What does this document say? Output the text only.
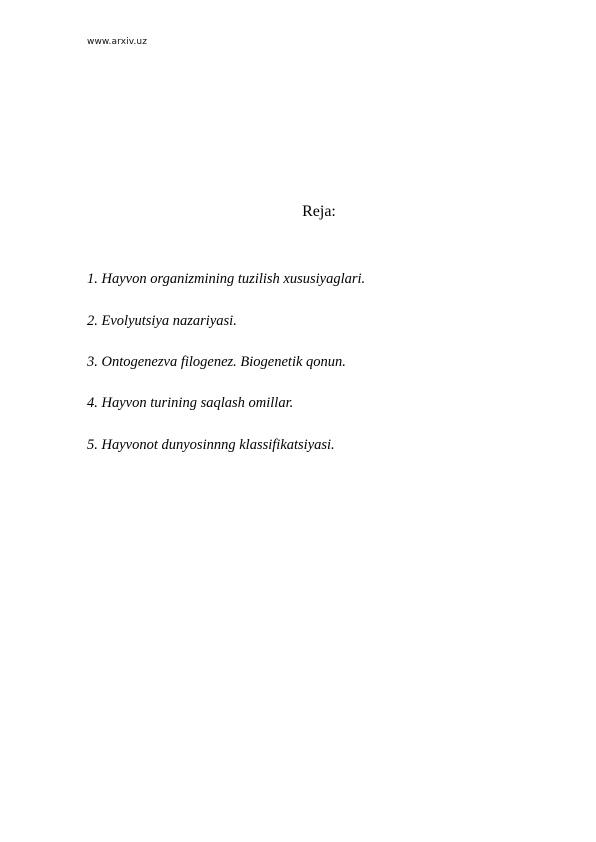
www.arxiv.uz
Reja:
1. Hayvon organizmining tuzilish xususiyaglari.
2. Evolyutsiya nazariyasi.
3. Ontogenezva filogenez. Biogenetik qonun.
4. Hayvon turining saqlash omillar.
5. Hayvonot dunyosinnng klassifikatsiyasi.
